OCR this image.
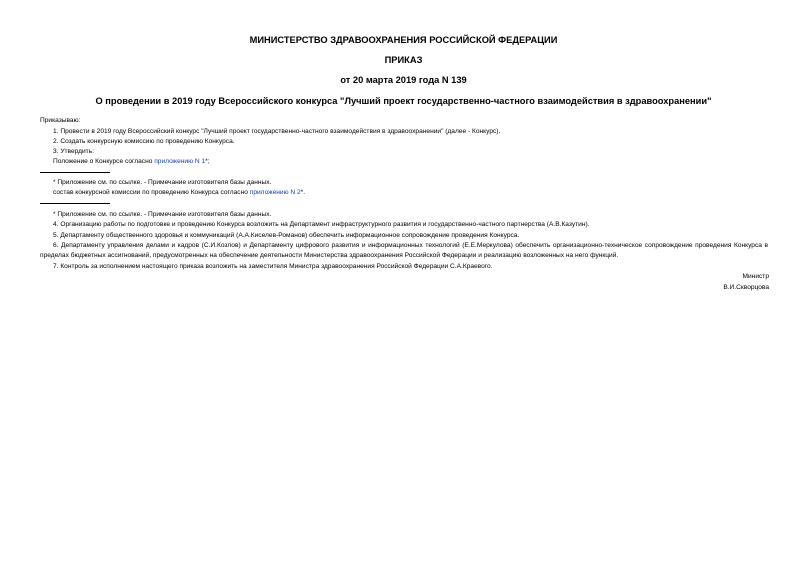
МИНИСТЕРСТВО ЗДРАВООХРАНЕНИЯ РОССИЙСКОЙ ФЕДЕРАЦИИ
ПРИКАЗ
от 20 марта 2019 года N 139
О проведении в 2019 году Всероссийского конкурса "Лучший проект государственно-частного взаимодействия в здравоохранении"
Приказываю:
1. Провести в 2019 году Всероссийский конкурс "Лучший проект государственно-частного взаимодействия в здравоохранении" (далее - Конкурс).
2. Создать конкурсную комиссию по проведению Конкурса.
3. Утвердить:
Положение о Конкурсе согласно приложению N 1*;
* Приложение см. по ссылке. - Примечание изготовителя базы данных.
состав конкурсной комиссии по проведению Конкурса согласно приложению N 2*.
* Приложение см. по ссылке. - Примечание изготовителя базы данных.
4. Организацию работы по подготовке и проведению Конкурса возложить на Департамент инфраструктурного развития и государственно-частного партнерства (А.В.Казутин).
5. Департаменту общественного здоровья и коммуникаций (А.А.Киселев-Романов) обеспечить информационное сопровождение проведения Конкурса.
6. Департаменту управления делами и кадров (С.И.Козлов) и Департаменту цифрового развития и информационных технологий (Е.Е.Меркулова) обеспечить организационно-техническое сопровождение проведения Конкурса в пределах бюджетных ассигнований, предусмотренных на обеспечение деятельности Министерства здравоохранения Российской Федерации и реализацию возложенных на него функций.
7. Контроль за исполнением настоящего приказа возложить на заместителя Министра здравоохранения Российской Федерации С.А.Краевого.
Министр
В.И.Скворцова
